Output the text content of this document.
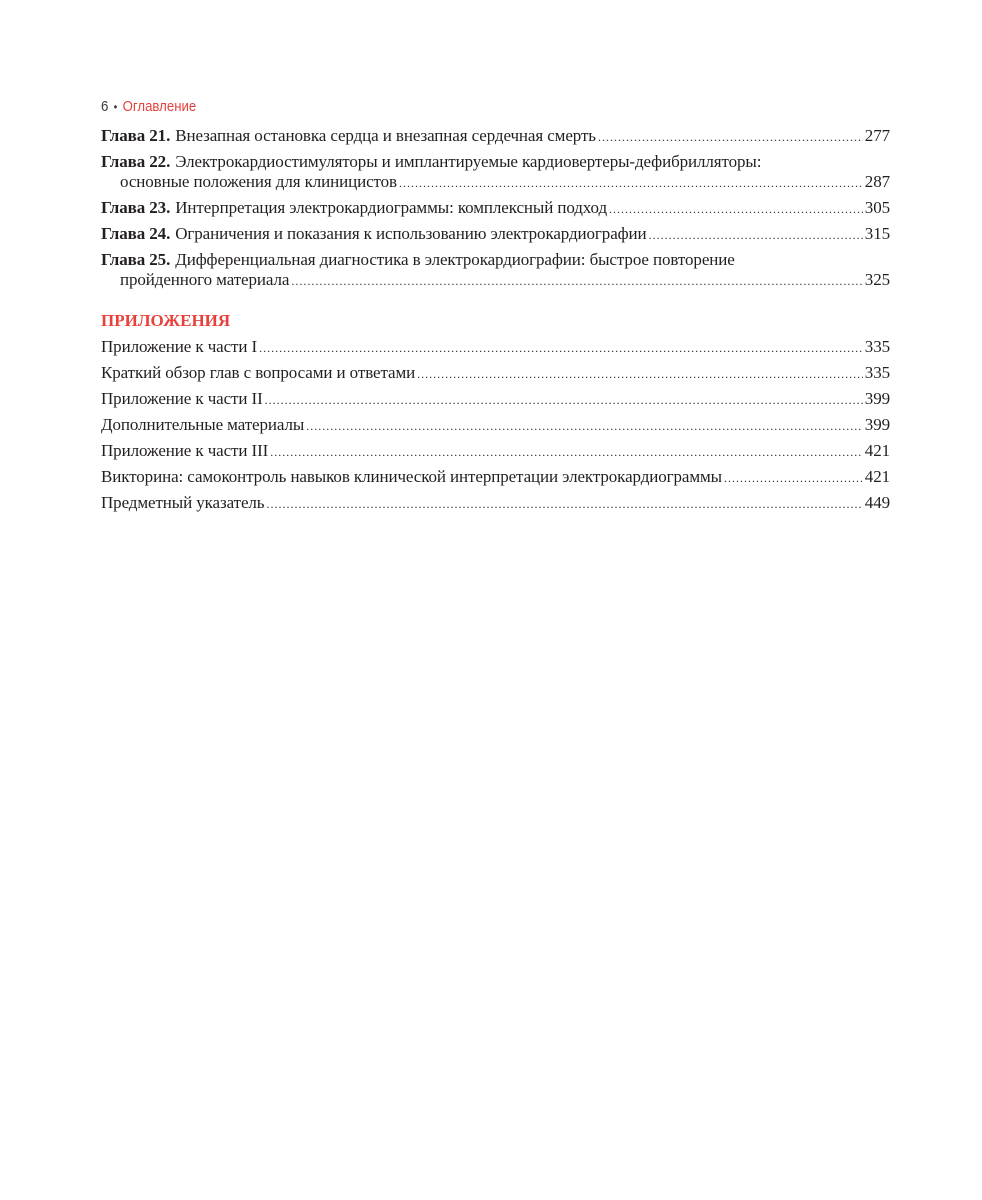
6 • Оглавление
Глава 21. Внезапная остановка сердца и внезапная сердечная смерть .....	277
Глава 22. Электрокардиостимуляторы и имплантируемые кардиовертеры-дефибрилляторы:
основные положения для клиницистов .....	287
Глава 23. Интерпретация электрокардиограммы: комплексный подход .....	305
Глава 24. Ограничения и показания к использованию электрокардиографии .....	315
Глава 25. Дифференциальная диагностика в электрокардиографии: быстрое повторение
пройденного материала .....	325
ПРИЛОЖЕНИЯ
Приложение к части I .....	335
Краткий обзор глав с вопросами и ответами .....	335
Приложение к части II .....	399
Дополнительные материалы .....	399
Приложение к части III .....	421
Викторина: самоконтроль навыков клинической интерпретации электрокардиограммы .....	421
Предметный указатель .....	449
